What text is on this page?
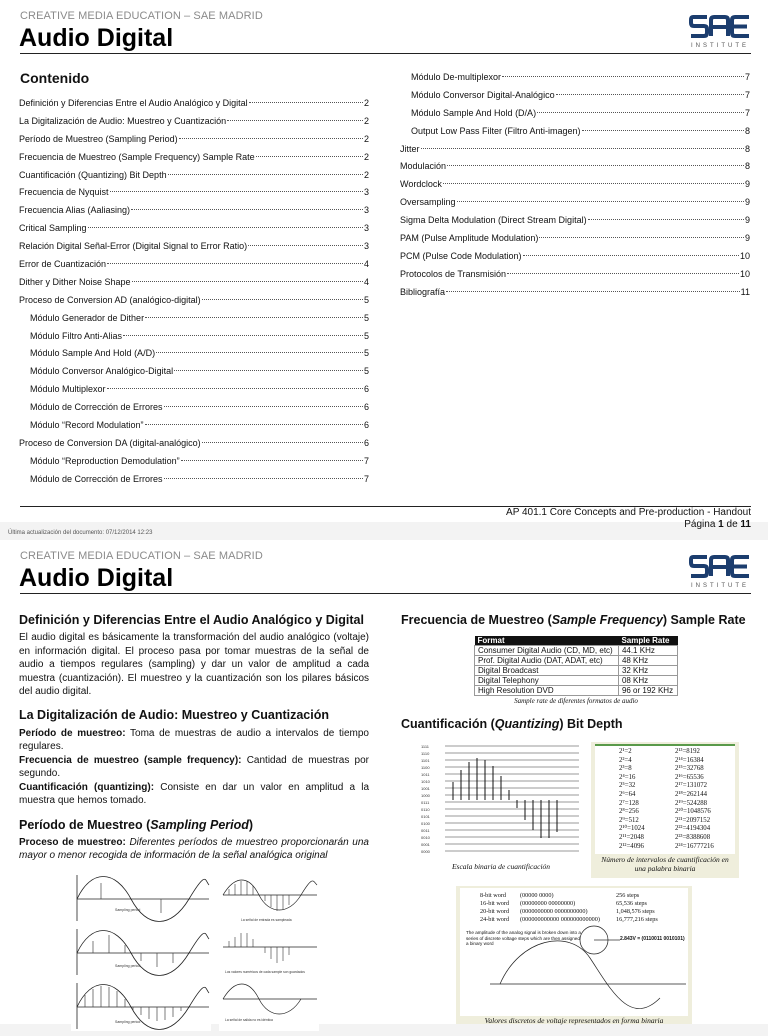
CREATIVE MEDIA EDUCATION – SAE MADRID
Audio Digital	INSTITUTE
Contenido
Definición y Diferencias Entre el Audio Analógico y Digital	2
La Digitalización de Audio: Muestreo y Cuantización	2
Período de Muestreo (Sampling Period)	2
Frecuencia de Muestreo (Sample Frequency) Sample Rate	2
Cuantificación (Quantizing) Bit Depth	2
Frecuencia de Nyquist	3
Frecuencia Alias (Aaliasing)	3
Critical Sampling	3
Relación Digital Señal-Error (Digital Signal to Error Ratio)	3
Error de Cuantización	4
Dither y Dither Noise Shape	4
Proceso de Conversion AD (analógico-digital)	5
Módulo Generador de Dither	5
Módulo Filtro Anti-Alias	5
Módulo Sample And Hold (A/D)	5
Módulo Conversor Analógico-Digital	5
Módulo Multiplexor	6
Módulo de Corrección de Errores	6
Módulo “Record Modulation”	6
Proceso de Conversion DA (digital-analógico)	6
Módulo “Reproduction Demodulation”	7
Módulo de Corrección de Errores	7
Módulo De-multiplexor	7
Módulo Conversor Digital-Analógico	7
Módulo Sample And Hold (D/A)	7
Output Low Pass Filter (Filtro Anti-imagen)	8
Jitter	8
Modulación	8
Wordclock	9
Oversampling	9
Sigma Delta Modulation (Direct Stream Digital)	9
PAM (Pulse Amplitude Modulation)	9
PCM (Pulse Code Modulation)	10
Protocolos de Transmisión	10
Bibliografía	11
AP 401.1 Core Concepts and Pre-production - Handout
Página 1 de 11
Última actualización del documento: 07/12/2014 12:23
CREATIVE MEDIA EDUCATION – SAE MADRID
Audio Digital	INSTITUTE

Definición y Diferencias Entre el Audio Analógico y Digital

El audio digital es básicamente la transformación del audio analógico (voltaje) en información digital. El proceso pasa por tomar muestras de la señal de audio a tiempos regulares (sampling) y dar un valor de amplitud a cada muestra (cuantización). El muestreo y la cuantización son los pilares básicos del audio digital.

La Digitalización de Audio: Muestreo y Cuantización

Período de muestreo: Toma de muestras de audio a intervalos de tiempo regulares.

Frecuencia de muestreo (sample frequency): Cantidad de muestras por segundo.

Cuantificación (quantizing): Consiste en dar un valor en amplitud a la muestra que hemos tomado.

Período de Muestreo (Sampling Period)

Proceso de muestreo: Diferentes períodos de muestreo proporcionarán una mayor o menor recogida de información de la señal analógica original

Sampling period
Sampling period
Sampling period
La señal de entrada es sampleada
Los valores numéricos de cada sample son guardados
La señal de salida no es idéntica

Frecuencia de Muestreo (Sample Frequency) Sample Rate

Cuantificación (Quantizing) Bit Depth

1111
1110
1101
1100
1011
1010
1001
1000
0111
0110
0101
0100
0011
0010
0001
0000
Escala binaria de cuantificación
2¹=2
2²=4
2³=8
2⁴=16
2⁵=32
2⁶=64
2⁷=128
2⁸=256
2⁹=512
2¹⁰=1024
2¹¹=2048
2¹²=4096
2¹³=8192
2¹⁴=16384
2¹⁵=32768
2¹⁶=65536
2¹⁷=131072
2¹⁸=262144
2¹⁹=524288
2²⁰=1048576
2²¹=2097152
2²²=4194304
2²³=8388608
2²⁴=16777216
Número de intervalos de cuantificación en una palabra binaria
8-bit word (00000 0000)	256 steps
16-bit word (00000000 00000000)	65,536 steps
20-bit word (0000000000 0000000000)	1,048,576 steps
24-bit word (000000000000 000000000000)	16,777,216 steps
The amplitude of the analog signal is broken down into a series of discrete voltage steps which are then assigned a binary word
2.843V = (0110011 0010101)
Valores discretos de voltaje representados en forma binaria
Format	Sample Rate
Consumer Digital Audio (CD, MD, etc)	44.1 KHz
Prof. Digital Audio (DAT, ADAT, etc)	48 KHz
Digital Broadcast	32 KHz
Digital Telephony	08 KHz
High Resolution DVD	96 or 192 KHz
Sample rate de diferentes formatos de audio
